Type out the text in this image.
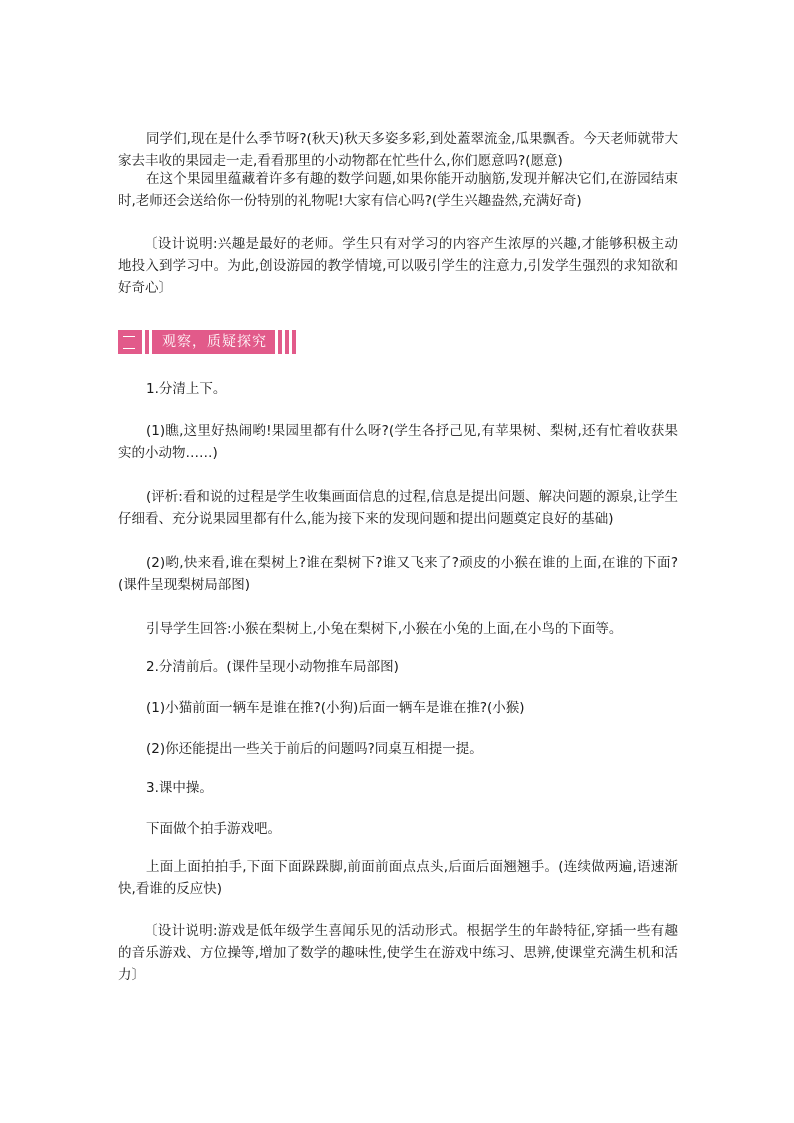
同学们,现在是什么季节呀?(秋天)秋天多姿多彩,到处蓋翠流金,瓜果飘香。今天老师就带大家去丰收的果园走一走,看看那里的小动物都在忙些什么,你们愿意吗?(愿意)

在这个果园里蕴藏着许多有趣的数学问题,如果你能开动脑筋,发现并解决它们,在游园结束时,老师还会送给你一份特别的礼物呢!大家有信心吗?(学生兴趣盎然,充满好奇)

〔设计说明:兴趣是最好的老师。学生只有对学习的内容产生浓厚的兴趣,才能够积极主动地投入到学习中。为此,创设游园的教学情境,可以吸引学生的注意力,引发学生强烈的求知欲和好奇心〕

观察，质疑探究

1.分清上下。

(1)瞧,这里好热闹哟!果园里都有什么呀?(学生各抒己见,有苹果树、梨树,还有忙着收获果实的小动物……)

(评析:看和说的过程是学生收集画面信息的过程,信息是提出问题、解决问题的源泉,让学生仔细看、充分说果园里都有什么,能为接下来的发现问题和提出问题奠定良好的基础)

(2)哟,快来看,谁在梨树上?谁在梨树下?谁又飞来了?顽皮的小猴在谁的上面,在谁的下面?(课件呈现梨树局部图)

引导学生回答:小猴在梨树上,小兔在梨树下,小猴在小兔的上面,在小鸟的下面等。

2.分清前后。(课件呈现小动物推车局部图)

(1)小猫前面一辆车是谁在推?(小狗)后面一辆车是谁在推?(小猴)

(2)你还能提出一些关于前后的问题吗?同桌互相提一提。

3.课中操。

下面做个拍手游戏吧。

上面上面拍拍手,下面下面跺跺脚,前面前面点点头,后面后面翘翘手。(连续做两遍,语速渐快,看谁的反应快)

〔设计说明:游戏是低年级学生喜闻乐见的活动形式。根据学生的年龄特征,穿插一些有趣的音乐游戏、方位操等,增加了数学的趣味性,使学生在游戏中练习、思辨,使课堂充满生机和活力〕
